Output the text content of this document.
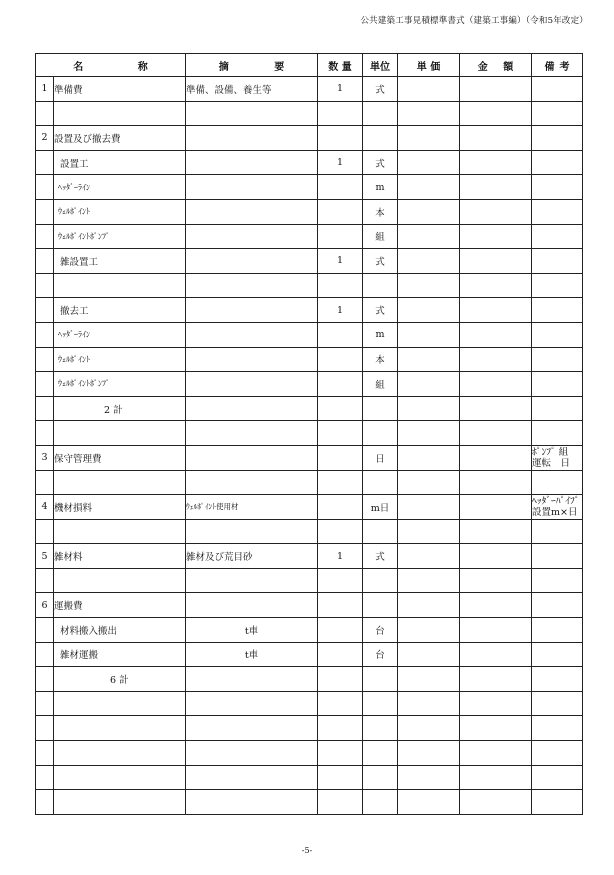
公共建築工事見積標準書式（建築工事編）（令和5年改定）
名 称		摘 要	数 量	単位	単 価	金 額	備 考

1	準備費	準備、設備、養生等	1	式			

2	設置及び撤去費						
	設置工		1	式			
	ﾍｯﾀﾞｰﾗｲﾝ			m			
	ｳｪﾙﾎﾟｲﾝﾄ			本			
	ｳｪﾙﾎﾟｲﾝﾄﾎﾟﾝﾌﾟ			組			
	雑設置工		1	式			

	撤去工		1	式			
	ﾍｯﾀﾞｰﾗｲﾝ			m			
	ｳｪﾙﾎﾟｲﾝﾄ			本			
	ｳｪﾙﾎﾟｲﾝﾄﾎﾟﾝﾌﾟ			組			
	2 計						

3	保守管理費			日			ﾎﾟﾝﾌﾟ 組
運転　日

4	機材損料	ｳｪﾙﾎﾟｲﾝﾄ使用材		m日			ﾍｯﾀﾞｰﾊﾟｲﾌﾟ
設置m×日

5	雑材料	雑材及び荒目砂	1	式			

6	運搬費						
	材料搬入搬出	t車		台			
	雑材運搬	t車		台			
	6 計						

-5-
